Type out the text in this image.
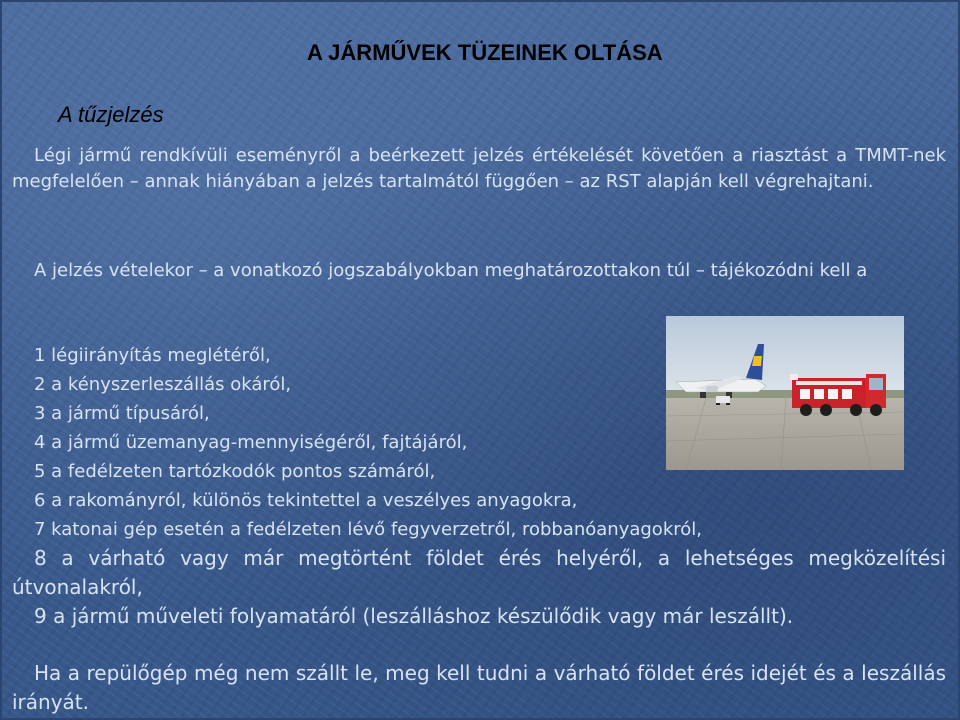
A JÁRMŰVEK TÜZEINEK OLTÁSA
A tűzjelzés
Légi jármű rendkívüli eseményről a beérkezett jelzés értékelését követően a riasztást a TMMT-nek megfelelően – annak hiányában a jelzés tartalmától függően – az RST alapján kell végrehajtani.
A jelzés vételekor – a vonatkozó jogszabályokban meghatározottakon túl – tájékozódni kell a
1 légiirányítás meglétéről,
2 a kényszerleszállás okáról,
3 a jármű típusáról,
4 a jármű üzemanyag-mennyiségéről, fajtájáról,
5 a fedélzeten tartózkodók pontos számáról,
6 a rakományról, különös tekintettel a veszélyes anyagokra,
7 katonai gép esetén a fedélzeten lévő fegyverzetről, robbanóanyagokról,
8 a várható vagy már megtörtént földet érés helyéről, a lehetséges megközelítési útvonalakról,
9 a jármű műveleti folyamatáról (leszálláshoz készülődik vagy már leszállt).
Ha a repülőgép még nem szállt le, meg kell tudni a várható földet érés idejét és a leszállás irányát.
